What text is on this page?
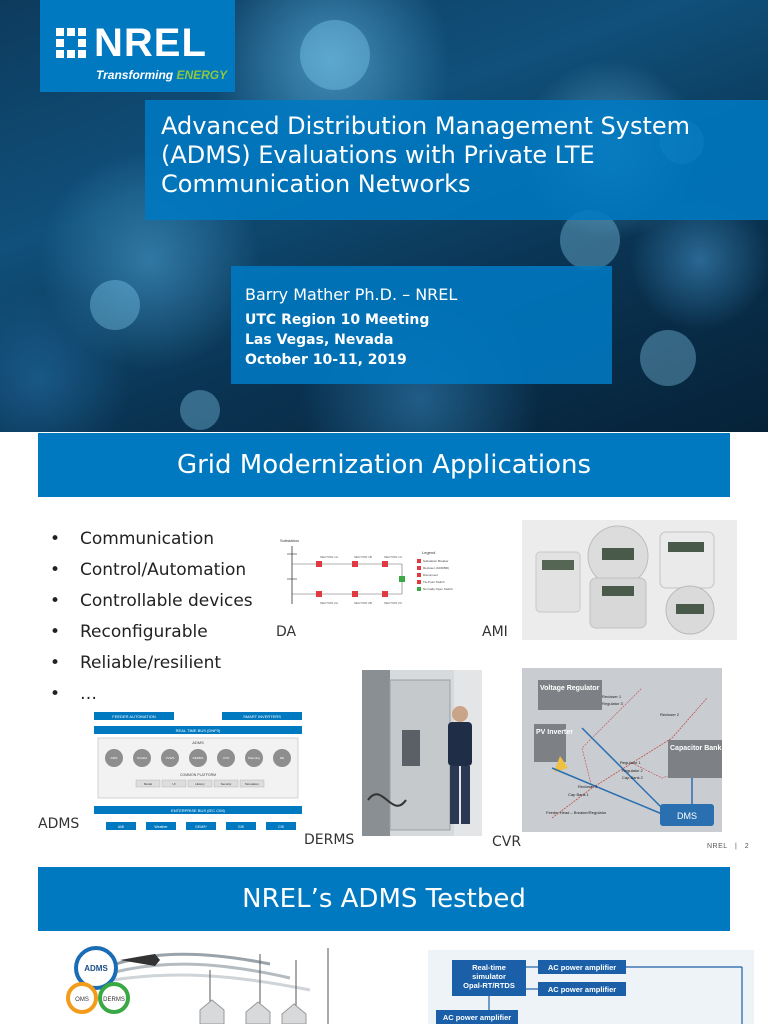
NREL
Transforming ENERGY
Advanced Distribution Management System (ADMS) Evaluations with Private LTE Communication Networks
Barry Mather Ph.D. – NREL
UTC Region 10 Meeting
Las Vegas, Nevada
October 10-11, 2019
Grid Modernization Applications
• Communication
• Control/Automation
• Controllable devices
• Reconfigurable
• Reliable/resilient
• …
Substation
SECTION 1A	SECTION 1B	SECTION 1C
SECTION 2A	SECTION 2B	SECTION 2C
Legend
Substation Breaker
Recloser (ADR/BR)
Disconnect
Tie-Point Switch
Normally Open Switch
DA	AMI
FEEDER AUTOMATION	SMART INVERTERS
REAL TIME BUS (DNP3)
ADMS
DMS	SCADA	VVWS	DERMS	VVO	Planning	RE
COMMON PLATFORM
Model	UI	History	Security	Simulation
ENTERPRISE BUS (IEC CIM)
AMI	Weather	GEMS*	GIS	CIS
ADMS
DERMS
Voltage Regulator
PV Inverter
Capacitor Bank
DMS
Recloser 1
Regulator 3
Recloser 2
Regulator 1
Regulator 2
Cap Bank 2
Recloser 3
Cap Bank 1
Feeder Head – Breaker/Regulator
CVR	NREL | 2
NREL’s ADMS Testbed
ADMS
OMS DERMS
Real-time
simulator
Opal-RT/RTDS
AC power amplifier
AC power amplifier
AC power amplifier
